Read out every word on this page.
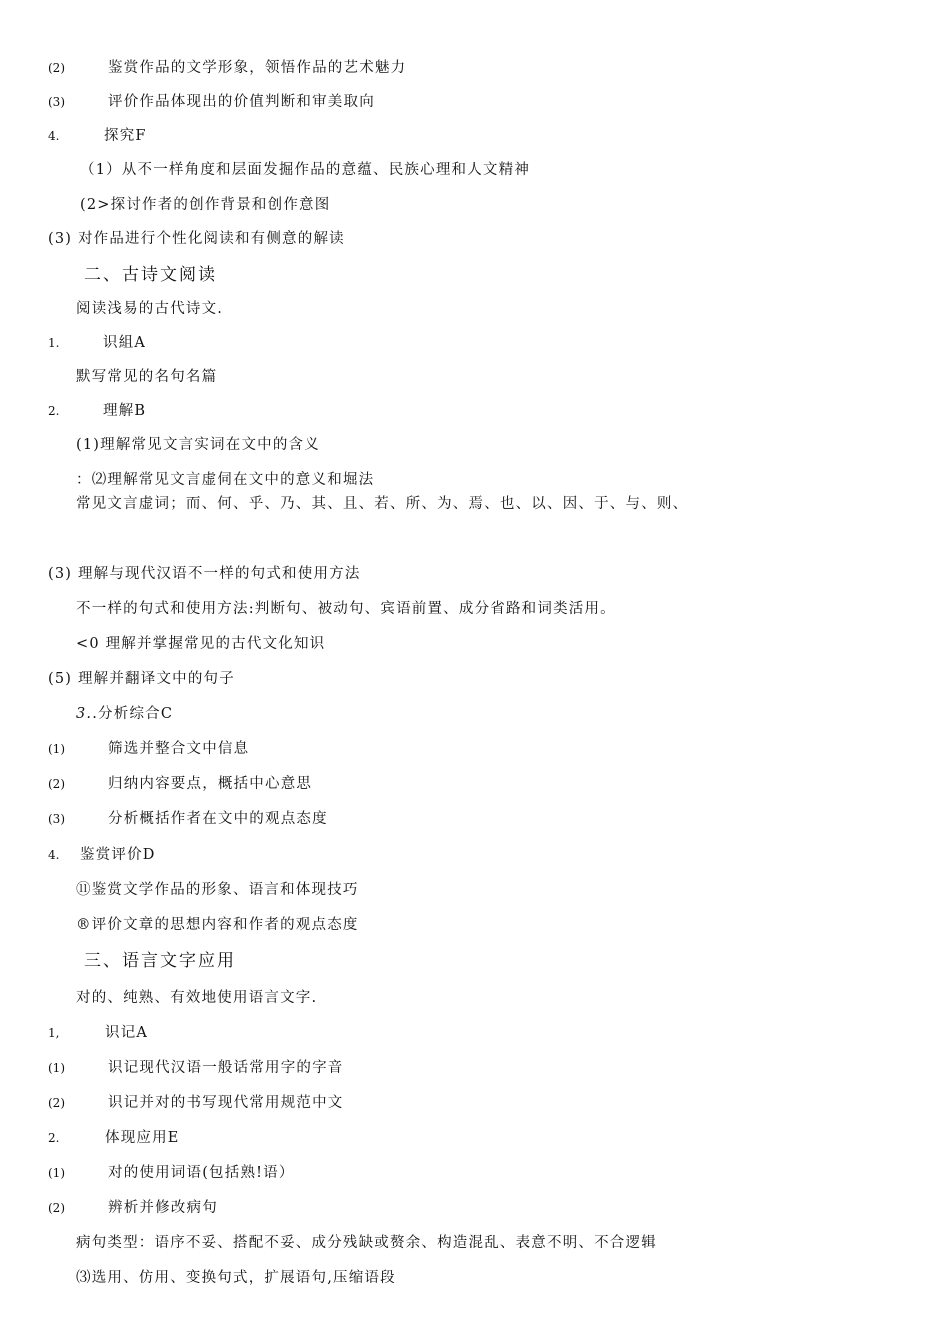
(2)	鉴赏作品的文学形象，领悟作品的艺术魅力
(3)	评价作品体现出的价值判断和审美取向
4.	探究F
（1）从不一样角度和层面发掘作品的意蕴、民族心理和人文精神
(2>探讨作者的创作背景和创作意图
(3) 对作品进行个性化阅读和有侧意的解读
二、古诗文阅读
阅读浅易的古代诗文.
1.	识組A
默写常见的名句名篇
2.	理解B
(1)理解常见文言实词在文中的含义
：⑵理解常见文言虚伺在文中的意义和堀法
常见文言虚词；而、何、乎、乃、其、且、若、所、为、焉、也、以、因、于、与、则、
(3) 理解与现代汉语不一样的句式和使用方法
不一样的句式和使用方法:判断句、被动句、宾语前置、成分省路和词类活用。
<0 理解并掌握常见的古代文化知识
(5) 理解并翻译文中的句子
3..分析综合C
(1)	筛选并整合文中信息
(2)	归纳内容要点，概括中心意思
(3)	分析概括作者在文中的观点态度
4. 鉴赏评价D
⑪鉴赏文学作品的形象、语言和体现技巧
®评价文章的思想内容和作者的观点态度
三、语言文字应用
对的、纯熟、有效地使用语言文字.
1,	识记A
(1)	识记现代汉语一般话常用字的字音
(2)	识记并对的书写现代常用规范中文
2.	体现应用E
(1)	对的使用词语(包括熟!语）
(2)	辨析并修改病句
病句类型：语序不妥、搭配不妥、成分残缺或赘余、构造混乱、表意不明、不合逻辑
⑶选用、仿用、变换句式，扩展语句,压缩语段
